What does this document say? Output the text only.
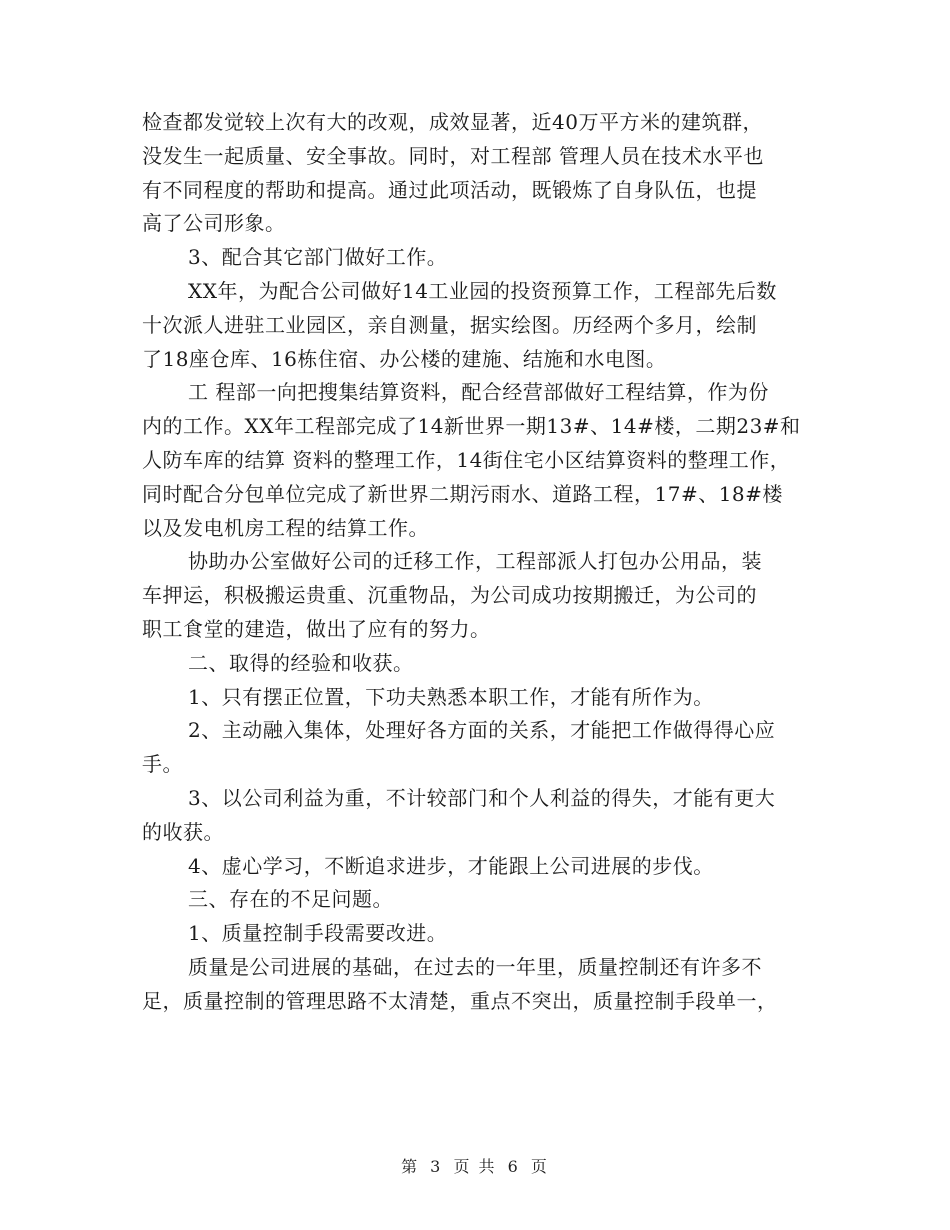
检查都发觉较上次有大的改观，成效显著，近40万平方米的建筑群，
没发生一起质量、安全事故。同时，对工程部 管理人员在技术水平也
有不同程度的帮助和提高。通过此项活动，既锻炼了自身队伍，也提
高了公司形象。
3、配合其它部门做好工作。
XX年，为配合公司做好14工业园的投资预算工作，工程部先后数
十次派人进驻工业园区，亲自测量，据实绘图。历经两个多月，绘制
了18座仓库、16栋住宿、办公楼的建施、结施和水电图。
工 程部一向把搜集结算资料，配合经营部做好工程结算，作为份
内的工作。XX年工程部完成了14新世界一期13#、14#楼，二期23#和
人防车库的结算 资料的整理工作，14街住宅小区结算资料的整理工作，
同时配合分包单位完成了新世界二期污雨水、道路工程，17#、18#楼
以及发电机房工程的结算工作。
协助办公室做好公司的迁移工作，工程部派人打包办公用品，装
车押运，积极搬运贵重、沉重物品，为公司成功按期搬迁，为公司的
职工食堂的建造，做出了应有的努力。
二、取得的经验和收获。
1、只有摆正位置，下功夫熟悉本职工作，才能有所作为。
2、主动融入集体，处理好各方面的关系，才能把工作做得得心应
手。
3、以公司利益为重，不计较部门和个人利益的得失，才能有更大
的收获。
4、虚心学习，不断追求进步，才能跟上公司进展的步伐。
三、存在的不足问题。
1、质量控制手段需要改进。
质量是公司进展的基础，在过去的一年里，质量控制还有许多不
足，质量控制的管理思路不太清楚，重点不突出，质量控制手段单一，
第 3 页 共 6 页
